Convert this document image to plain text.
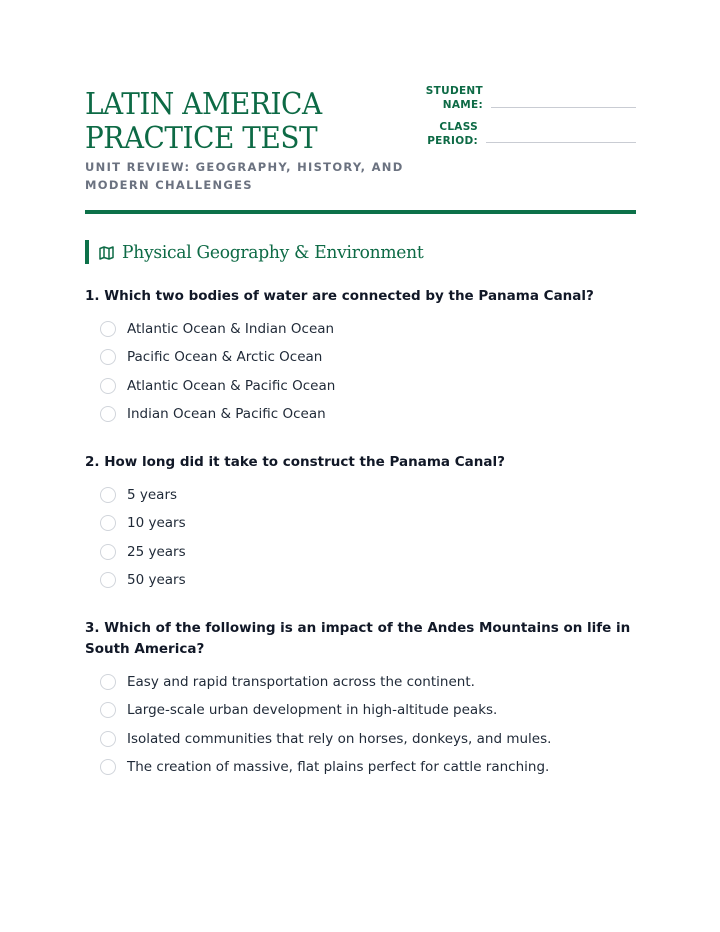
LATIN AMERICA
PRACTICE TEST
UNIT REVIEW: GEOGRAPHY, HISTORY, AND
MODERN CHALLENGES
STUDENT
NAME:
CLASS
PERIOD:
Physical Geography & Environment

1. Which two bodies of water are connected by the Panama Canal?

Atlantic Ocean & Indian Ocean
Pacific Ocean & Arctic Ocean
Atlantic Ocean & Pacific Ocean
Indian Ocean & Pacific Ocean

2. How long did it take to construct the Panama Canal?

5 years
10 years
25 years
50 years

3. Which of the following is an impact of the Andes Mountains on life in South America?

Easy and rapid transportation across the continent.
Large-scale urban development in high-altitude peaks.
Isolated communities that rely on horses, donkeys, and mules.
The creation of massive, flat plains perfect for cattle ranching.
